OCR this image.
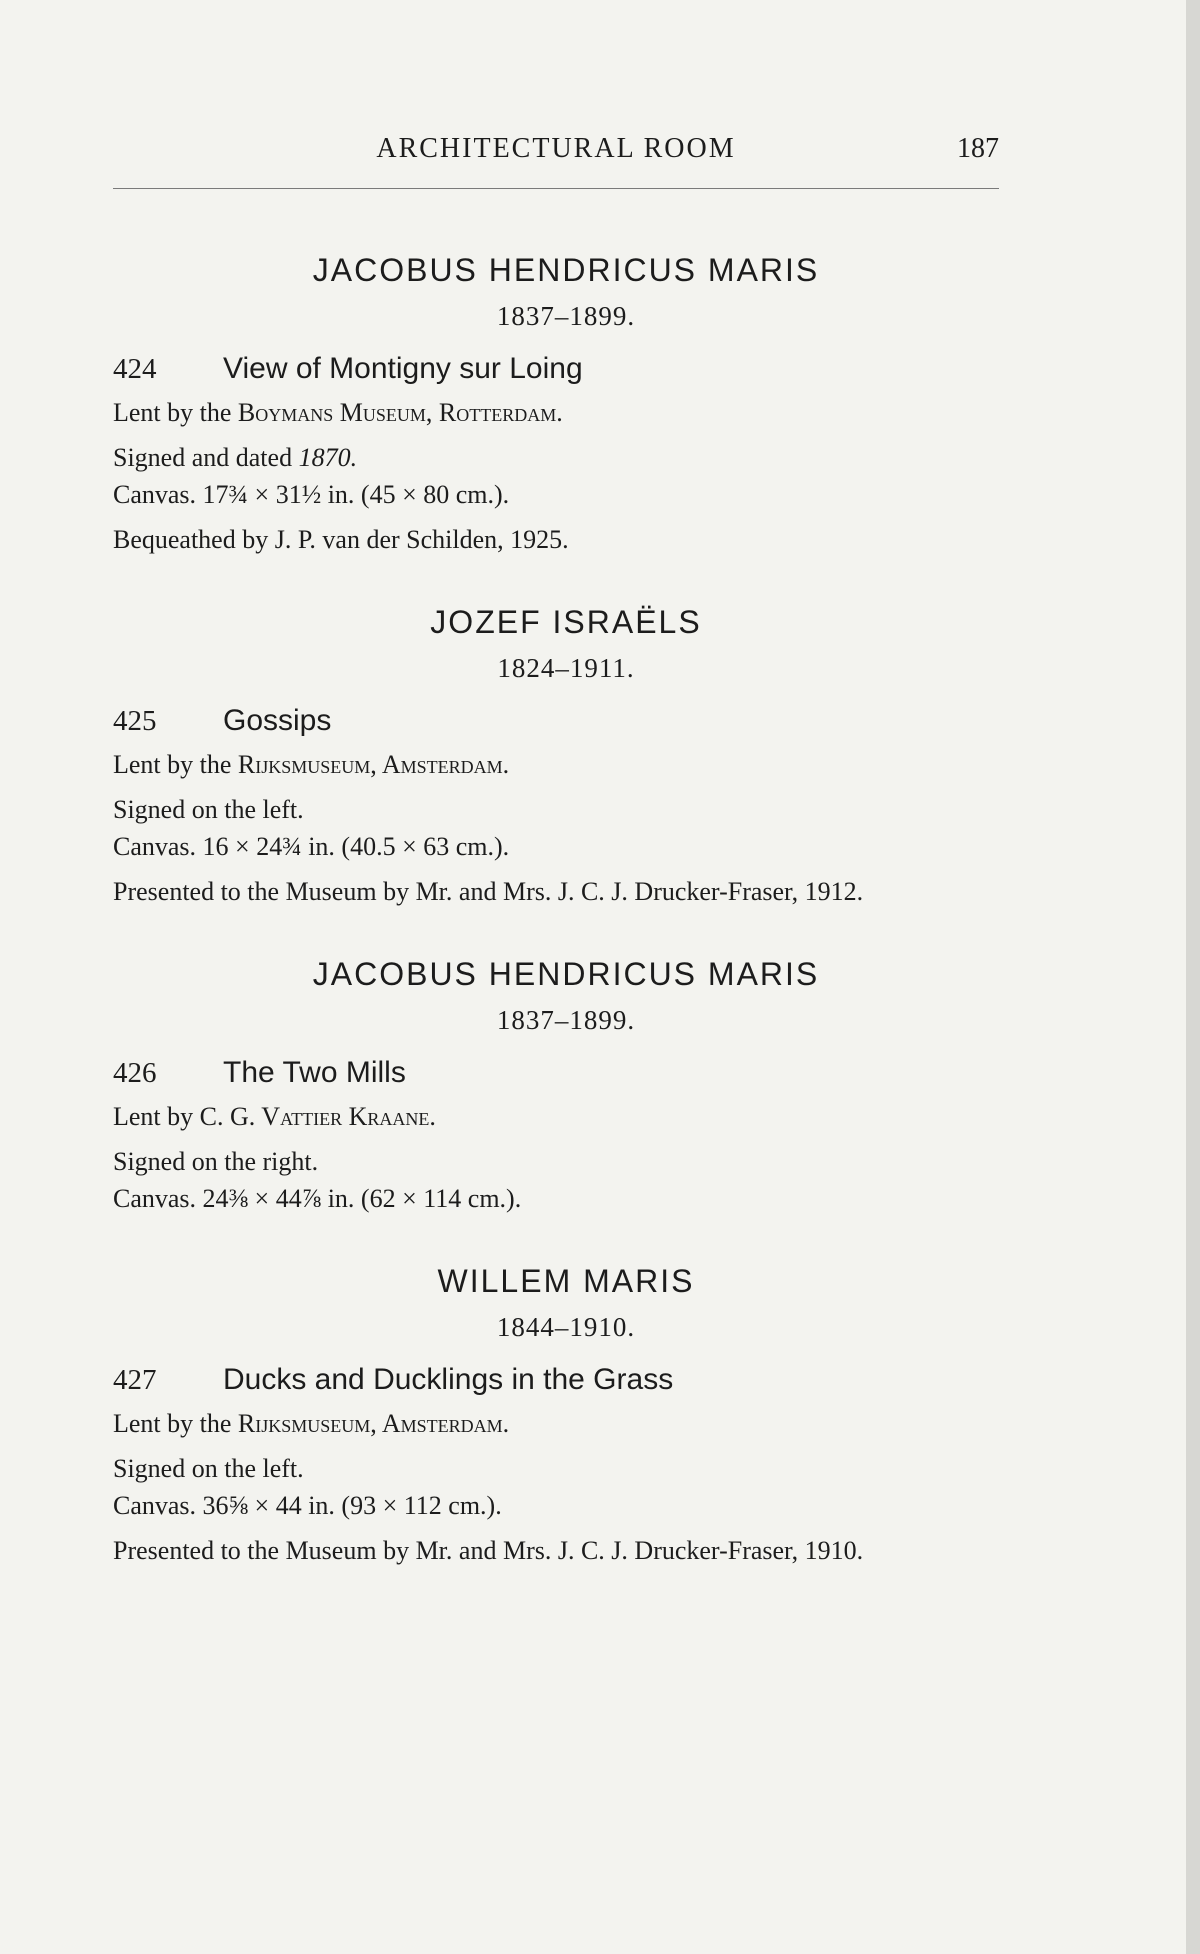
ARCHITECTURAL ROOM	187
JACOBUS HENDRICUS MARIS
1837–1899.
424	View of Montigny sur Loing
Lent by the Boymans Museum, Rotterdam.
Signed and dated 1870.
Canvas. 17¾ × 31½ in. (45 × 80 cm.).
Bequeathed by J. P. van der Schilden, 1925.
JOZEF ISRAËLS
1824–1911.
425	Gossips
Lent by the Rijksmuseum, Amsterdam.
Signed on the left.
Canvas. 16 × 24¾ in. (40.5 × 63 cm.).
Presented to the Museum by Mr. and Mrs. J. C. J. Drucker-Fraser, 1912.
JACOBUS HENDRICUS MARIS
1837–1899.
426	The Two Mills
Lent by C. G. Vattier Kraane.
Signed on the right.
Canvas. 24⅜ × 44⅞ in. (62 × 114 cm.).
WILLEM MARIS
1844–1910.
427	Ducks and Ducklings in the Grass
Lent by the Rijksmuseum, Amsterdam.
Signed on the left.
Canvas. 36⅝ × 44 in. (93 × 112 cm.).
Presented to the Museum by Mr. and Mrs. J. C. J. Drucker-Fraser, 1910.
